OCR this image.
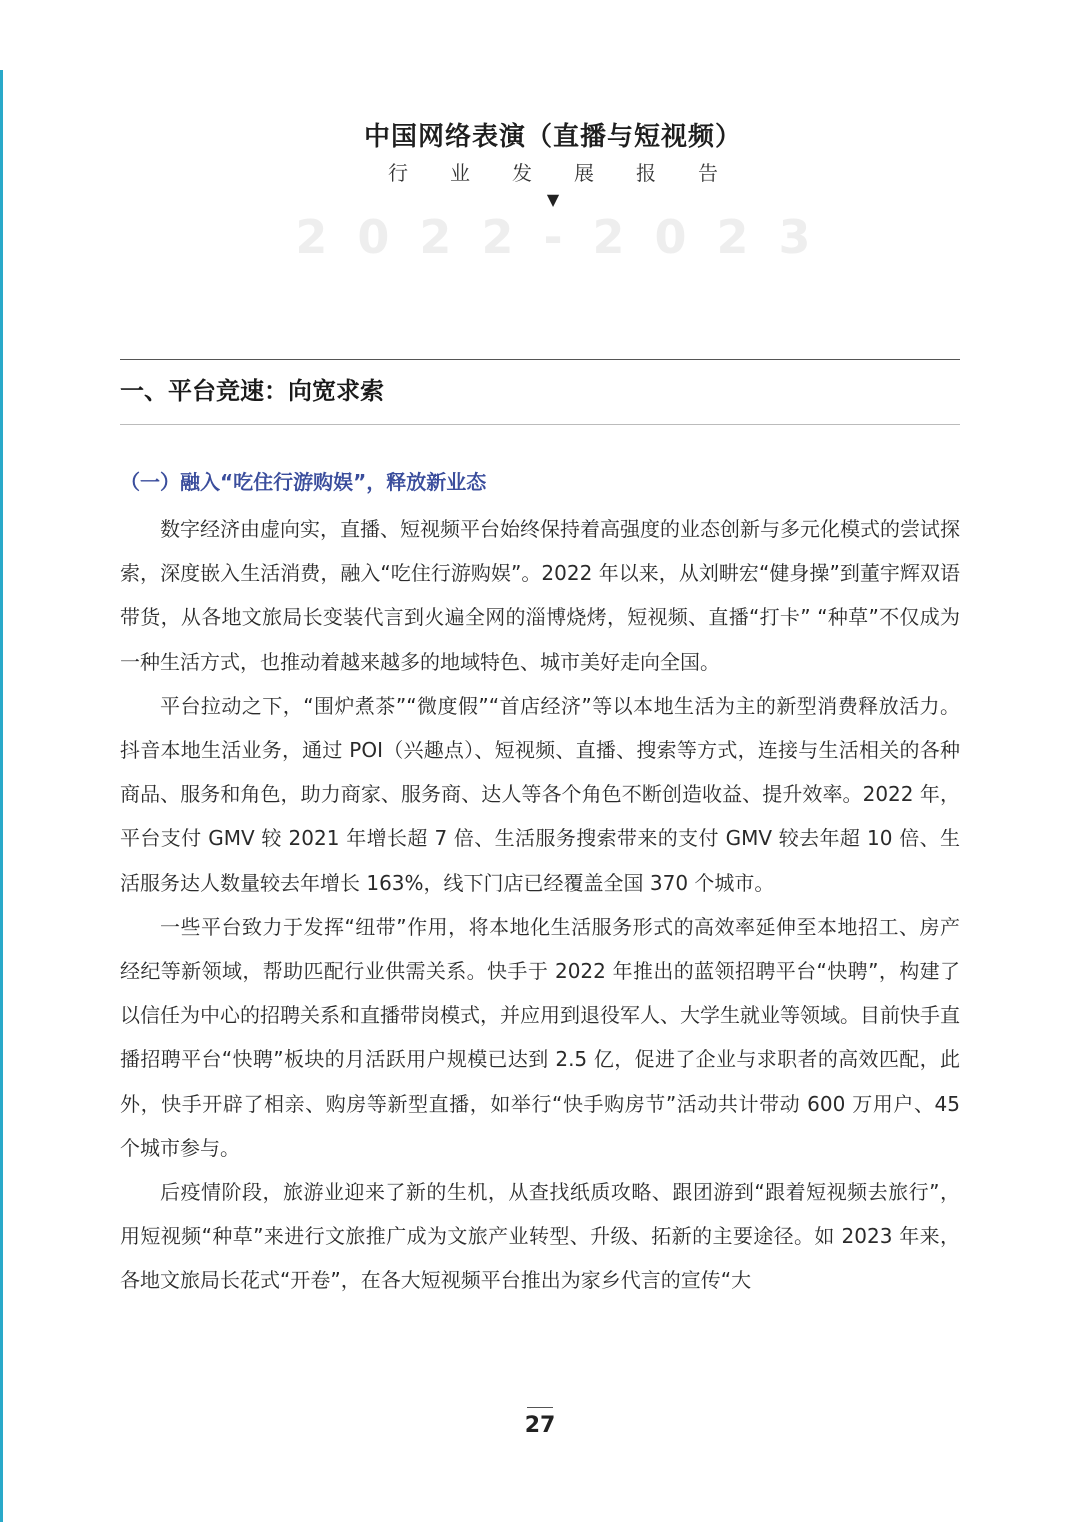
中国网络表演（直播与短视频）
行业发展报告
▼
2022-2023
一、平台竞速：向宽求索
（一）融入“吃住行游购娱”，释放新业态

数字经济由虚向实，直播、短视频平台始终保持着高强度的业态创新与多元化模式的尝试探索，深度嵌入生活消费，融入“吃住行游购娱”。2022 年以来，从刘畊宏“健身操”到董宇辉双语带货，从各地文旅局长变装代言到火遍全网的淄博烧烤，短视频、直播“打卡” “种草”不仅成为一种生活方式，也推动着越来越多的地域特色、城市美好走向全国。

平台拉动之下，“围炉煮茶”“微度假”“首店经济”等以本地生活为主的新型消费释放活力。抖音本地生活业务，通过 POI（兴趣点）、短视频、直播、搜索等方式，连接与生活相关的各种商品、服务和角色，助力商家、服务商、达人等各个角色不断创造收益、提升效率。2022 年，平台支付 GMV 较 2021 年增长超 7 倍、生活服务搜索带来的支付 GMV 较去年超 10 倍、生活服务达人数量较去年增长 163%，线下门店已经覆盖全国 370 个城市。

一些平台致力于发挥“纽带”作用，将本地化生活服务形式的高效率延伸至本地招工、房产经纪等新领域，帮助匹配行业供需关系。快手于 2022 年推出的蓝领招聘平台“快聘”，构建了以信任为中心的招聘关系和直播带岗模式，并应用到退役军人、大学生就业等领域。目前快手直播招聘平台“快聘”板块的月活跃用户规模已达到 2.5 亿，促进了企业与求职者的高效匹配，此外，快手开辟了相亲、购房等新型直播，如举行“快手购房节”活动共计带动 600 万用户、45 个城市参与。

后疫情阶段，旅游业迎来了新的生机，从查找纸质攻略、跟团游到“跟着短视频去旅行”，用短视频“种草”来进行文旅推广成为文旅产业转型、升级、拓新的主要途径。如 2023 年来，各地文旅局长花式“开卷”，在各大短视频平台推出为家乡代言的宣传“大

27
